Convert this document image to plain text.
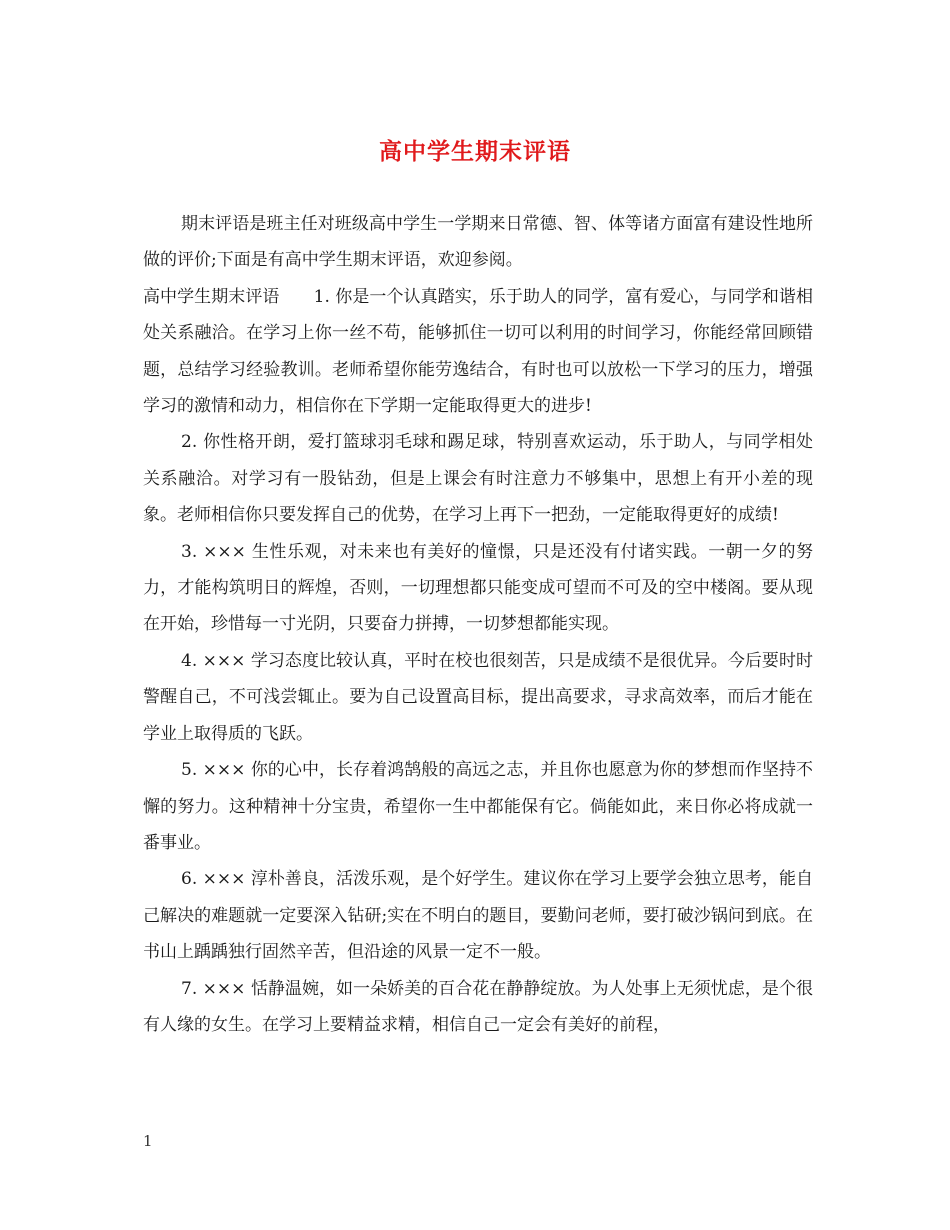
高中学生期末评语

期末评语是班主任对班级高中学生一学期来日常德、智、体等诸方面富有建设性地所做的评价;下面是有高中学生期末评语，欢迎参阅。

高中学生期末评语　　1. 你是一个认真踏实，乐于助人的同学，富有爱心，与同学和谐相处关系融洽。在学习上你一丝不苟，能够抓住一切可以利用的时间学习，你能经常回顾错题，总结学习经验教训。老师希望你能劳逸结合，有时也可以放松一下学习的压力，增强学习的激情和动力，相信你在下学期一定能取得更大的进步!

2. 你性格开朗，爱打篮球羽毛球和踢足球，特别喜欢运动，乐于助人，与同学相处关系融洽。对学习有一股钻劲，但是上课会有时注意力不够集中，思想上有开小差的现象。老师相信你只要发挥自己的优势，在学习上再下一把劲，一定能取得更好的成绩!

3. ××× 生性乐观，对未来也有美好的憧憬，只是还没有付诸实践。一朝一夕的努力，才能构筑明日的辉煌，否则，一切理想都只能变成可望而不可及的空中楼阁。要从现在开始，珍惜每一寸光阴，只要奋力拼搏，一切梦想都能实现。

4. ××× 学习态度比较认真，平时在校也很刻苦，只是成绩不是很优异。今后要时时警醒自己，不可浅尝辄止。要为自己设置高目标，提出高要求，寻求高效率，而后才能在学业上取得质的飞跃。

5. ××× 你的心中，长存着鸿鹄般的高远之志，并且你也愿意为你的梦想而作坚持不懈的努力。这种精神十分宝贵，希望你一生中都能保有它。倘能如此，来日你必将成就一番事业。

6. ××× 淳朴善良，活泼乐观，是个好学生。建议你在学习上要学会独立思考，能自己解决的难题就一定要深入钻研;实在不明白的题目，要勤问老师，要打破沙锅问到底。在书山上踽踽独行固然辛苦，但沿途的风景一定不一般。

7. ××× 恬静温婉，如一朵娇美的百合花在静静绽放。为人处事上无须忧虑，是个很有人缘的女生。在学习上要精益求精，相信自己一定会有美好的前程，

1
